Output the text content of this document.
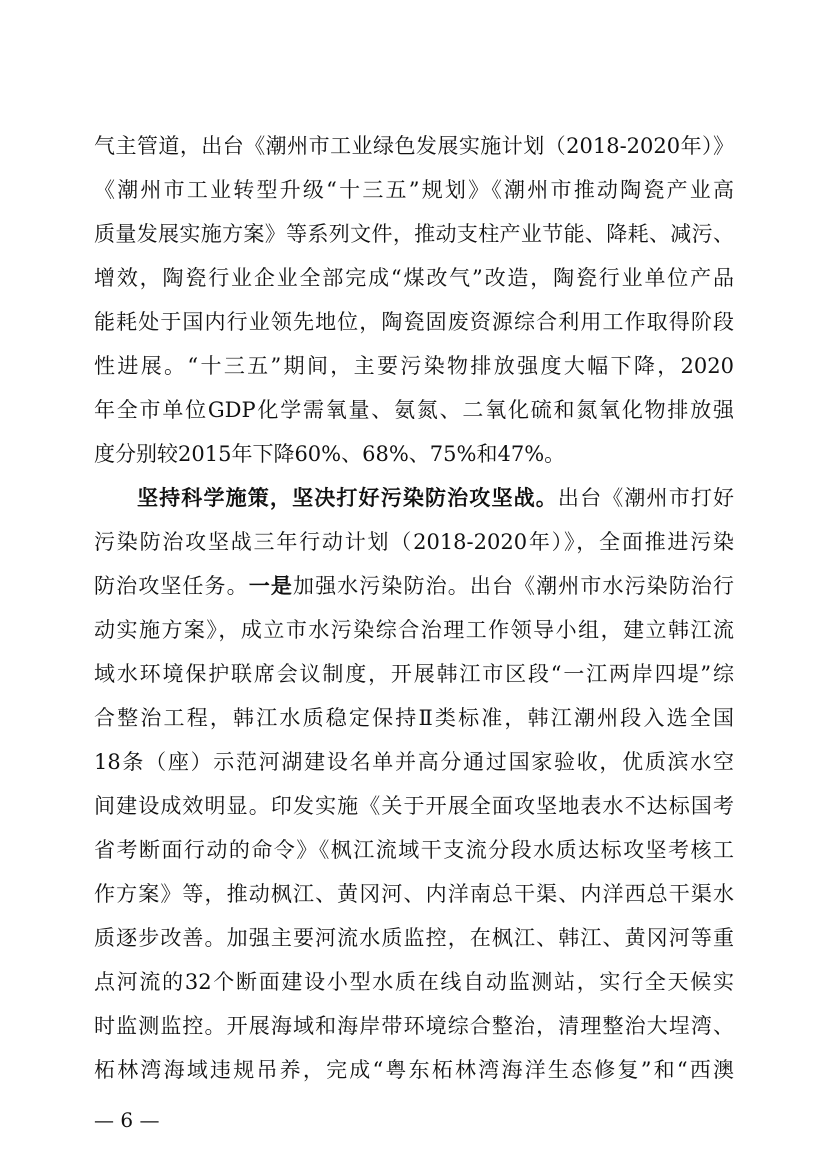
气主管道，出台《潮州市工业绿色发展实施计划（2018-2020年）》
《潮州市工业转型升级“十三五”规划》《潮州市推动陶瓷产业高
质量发展实施方案》等系列文件，推动支柱产业节能、降耗、减污、
增效，陶瓷行业企业全部完成“煤改气”改造，陶瓷行业单位产品
能耗处于国内行业领先地位，陶瓷固废资源综合利用工作取得阶段
性进展。“十三五”期间，主要污染物排放强度大幅下降，2020
年全市单位GDP化学需氧量、氨氮、二氧化硫和氮氧化物排放强
度分别较2015年下降60%、68%、75%和47%。
坚持科学施策，坚决打好污染防治攻坚战。出台《潮州市打好
污染防治攻坚战三年行动计划（2018-2020年）》，全面推进污染
防治攻坚任务。一是加强水污染防治。出台《潮州市水污染防治行
动实施方案》，成立市水污染综合治理工作领导小组，建立韩江流
域水环境保护联席会议制度，开展韩江市区段“一江两岸四堤”综
合整治工程，韩江水质稳定保持Ⅱ类标准，韩江潮州段入选全国
18条（座）示范河湖建设名单并高分通过国家验收，优质滨水空
间建设成效明显。印发实施《关于开展全面攻坚地表水不达标国考
省考断面行动的命令》《枫江流域干支流分段水质达标攻坚考核工
作方案》等，推动枫江、黄冈河、内洋南总干渠、内洋西总干渠水
质逐步改善。加强主要河流水质监控，在枫江、韩江、黄冈河等重
点河流的32个断面建设小型水质在线自动监测站，实行全天候实
时监测监控。开展海域和海岸带环境综合整治，清理整治大埕湾、
柘林湾海域违规吊养，完成“粤东柘林湾海洋生态修复”和“西澳
— 6 —
